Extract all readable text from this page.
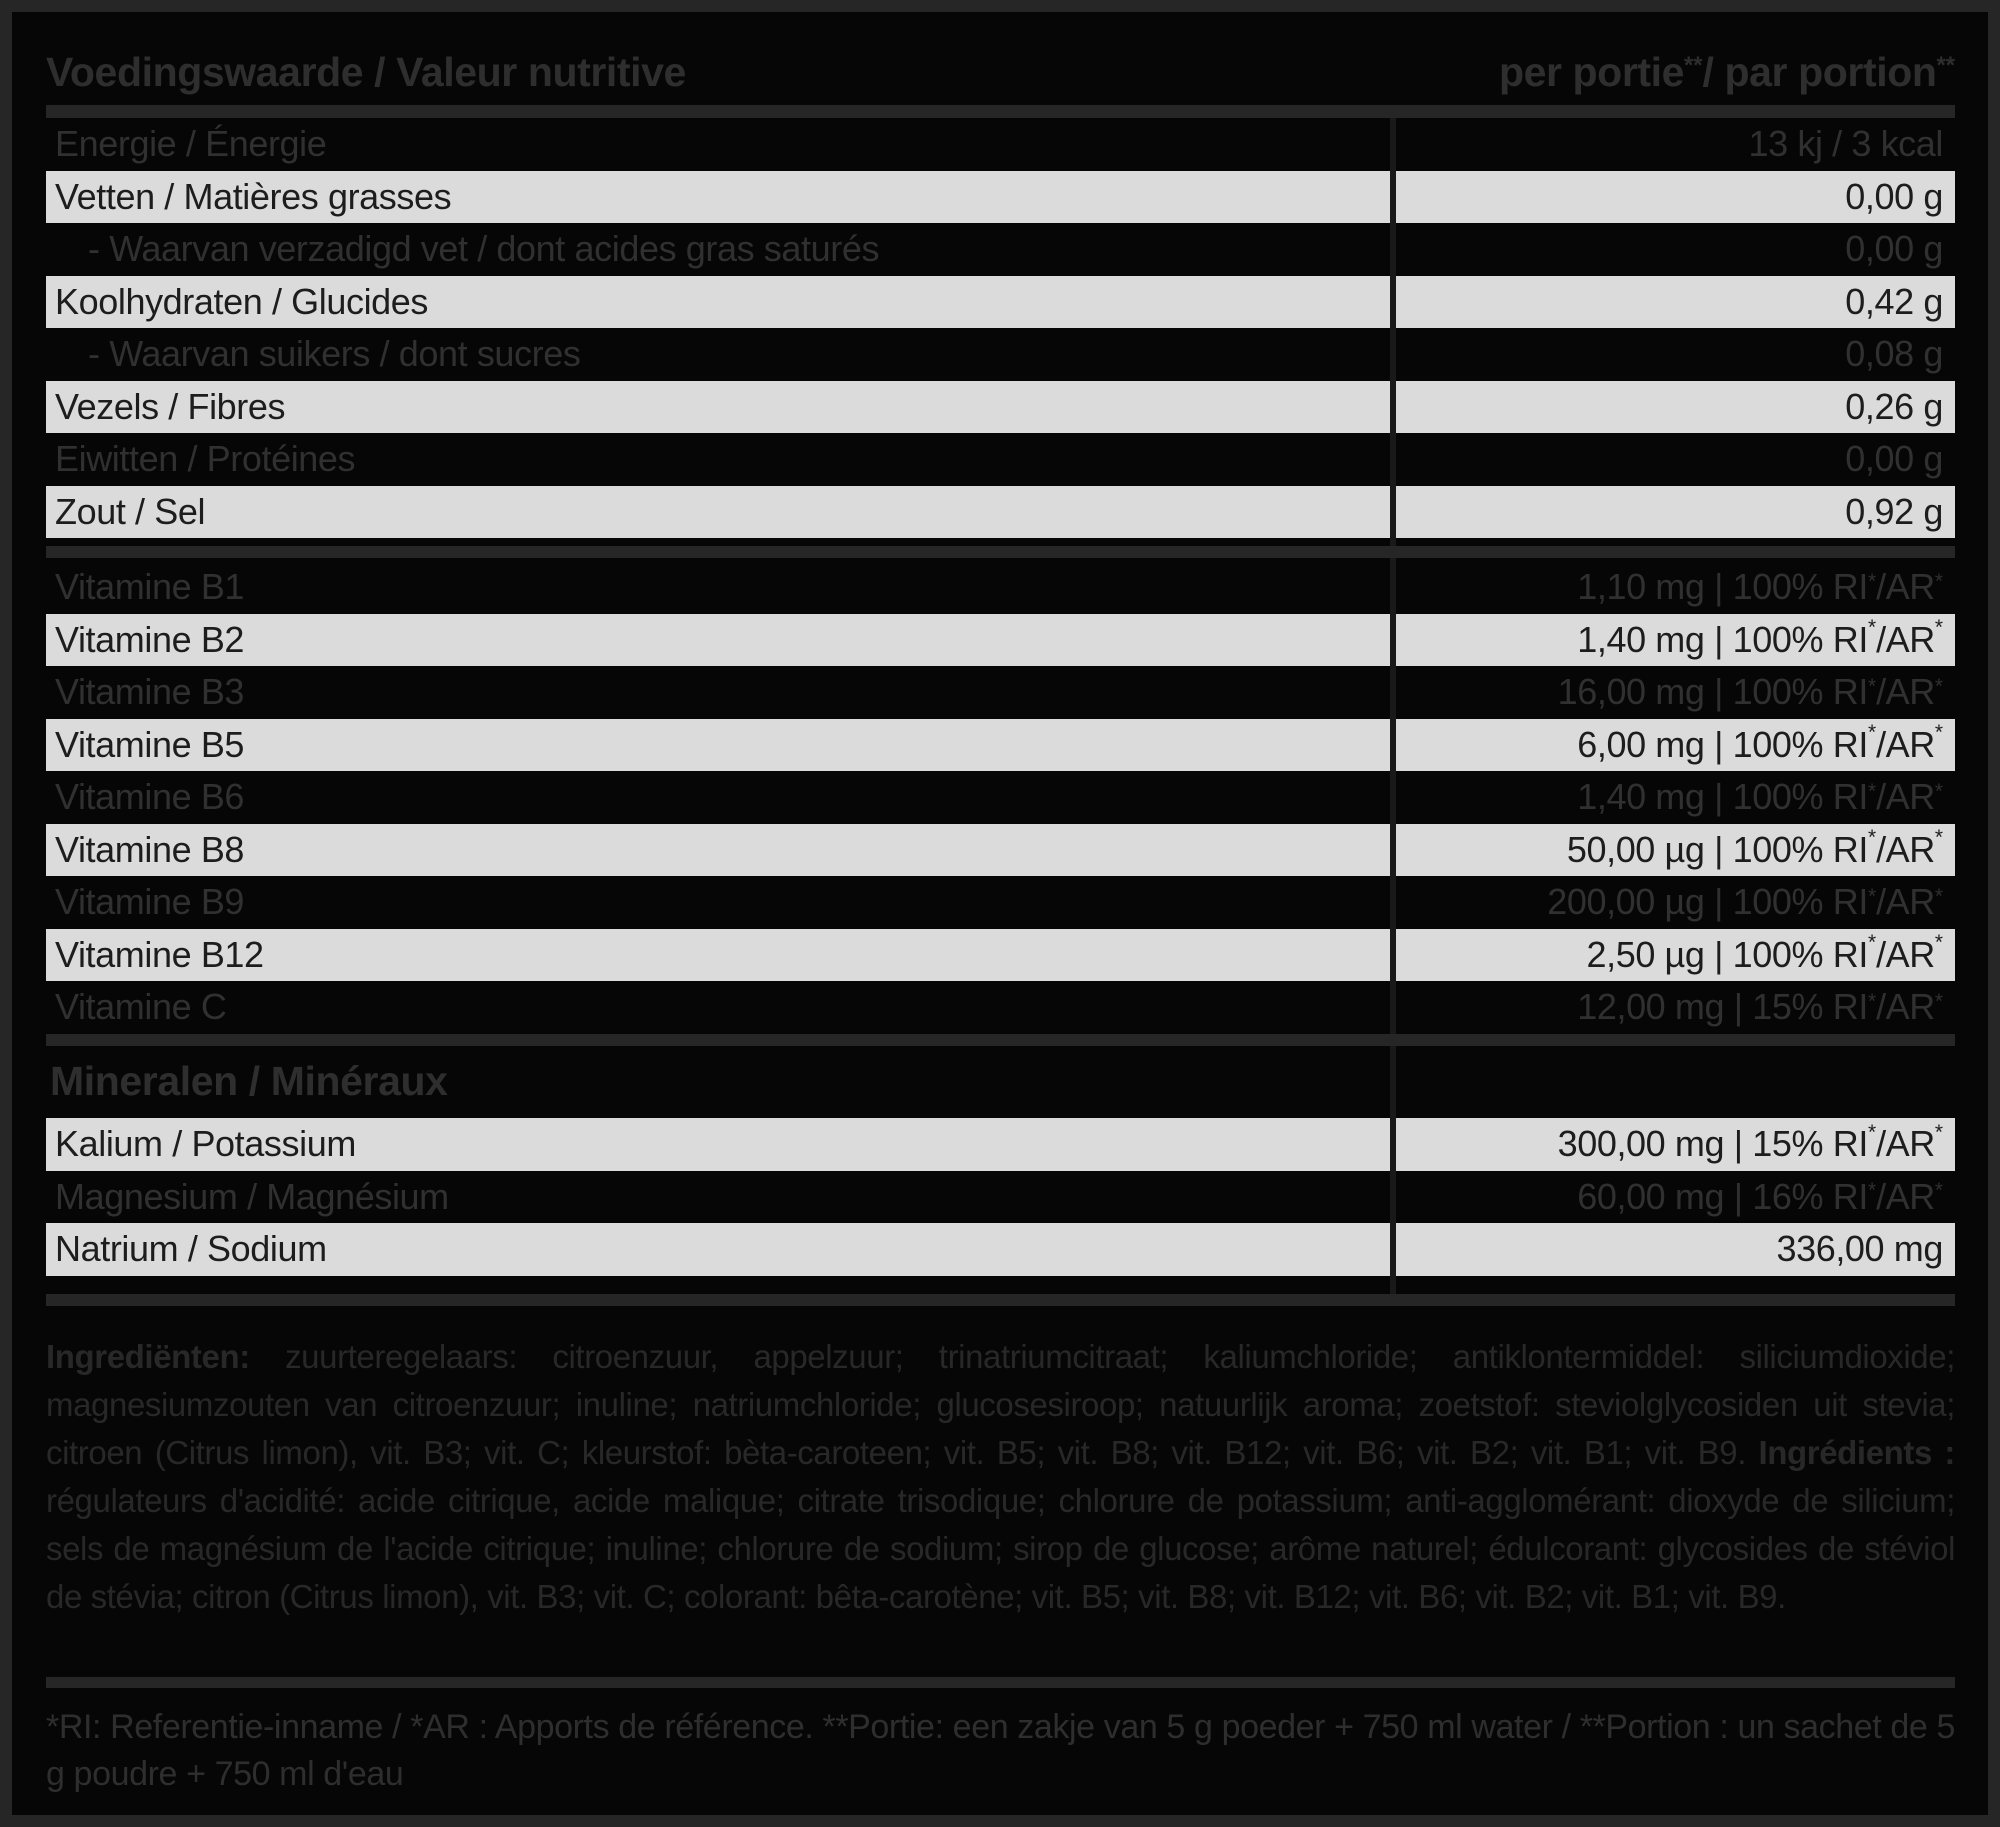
Voedingswaarde / Valeur nutritive	per portie**/ par portion**
Energie / Énergie	13 kj / 3 kcal
Vetten / Matières grasses	0,00 g
- Waarvan verzadigd vet / dont acides gras saturés	0,00 g
Koolhydraten / Glucides	0,42 g
- Waarvan suikers / dont sucres	0,08 g
Vezels / Fibres	0,26 g
Eiwitten / Protéines	0,00 g
Zout / Sel	0,92 g
Vitamine B1	1,10 mg | 100% RI*/AR*
Vitamine B2	1,40 mg | 100% RI* /AR*
Vitamine B3	16,00 mg | 100% RI*/AR*
Vitamine B5	6,00 mg | 100% RI* /AR*
Vitamine B6	1,40 mg | 100% RI*/AR*
Vitamine B8	50,00 µg | 100% RI* /AR*
Vitamine B9	200,00 µg | 100% RI*/AR*
Vitamine B12	2,50 µg | 100% RI* /AR*
Vitamine C	12,00 mg | 15% RI*/AR*
Mineralen / Minéraux
Kalium / Potassium	300,00 mg | 15% RI* /AR*
Magnesium / Magnésium	60,00 mg | 16% RI*/AR*
Natrium / Sodium	336,00 mg
Ingrediënten: zuurteregelaars: citroenzuur, appelzuur; trinatriumcitraat; kaliumchloride; antiklontermiddel: siliciumdioxide; magnesiumzouten van citroenzuur; inuline; natriumchloride; glucosesiroop; natuurlijk aroma; zoetstof: steviolglycosiden uit stevia; citroen (Citrus limon), vit. B3; vit. C; kleurstof: bèta-caroteen; vit. B5; vit. B8; vit. B12; vit. B6; vit. B2; vit. B1; vit. B9. Ingrédients : régulateurs d'acidité: acide citrique, acide malique; citrate trisodique; chlorure de potassium; anti-agglomérant: dioxyde de silicium; sels de magnésium de l'acide citrique; inuline; chlorure de sodium; sirop de glucose; arôme naturel; édulcorant: glycosides de stéviol de stévia; citron (Citrus limon), vit. B3; vit. C; colorant: bêta-carotène; vit. B5; vit. B8; vit. B12; vit. B6; vit. B2; vit. B1; vit. B9.
*RI: Referentie-inname / *AR : Apports de référence. **Portie: een zakje van 5 g poeder + 750 ml water / **Portion : un sachet de 5 g poudre + 750 ml d'eau
